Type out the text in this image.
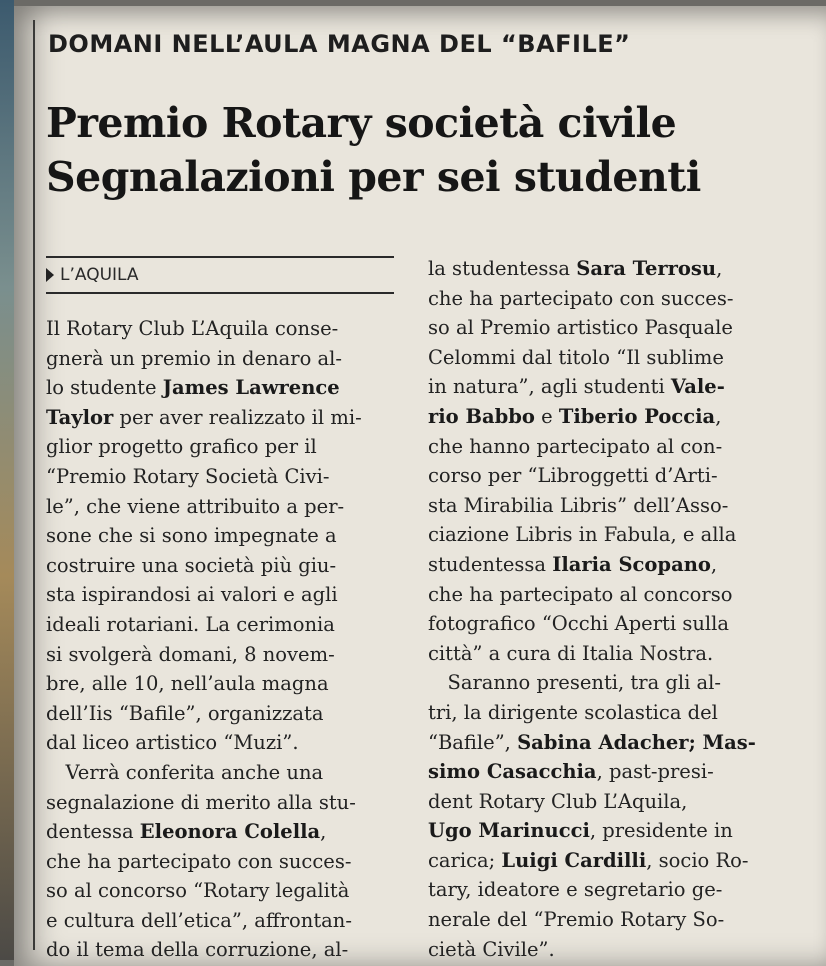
DOMANI NELL’AULA MAGNA DEL “BAFILE”
Premio Rotary società civile
Segnalazioni per sei studenti
L’AQUILA
Il Rotary Club L’Aquila conse-
gnerà un premio in denaro al-
lo studente James Lawrence
Taylor per aver realizzato il mi-
glior progetto grafico per il
“Premio Rotary Società Civi-
le”, che viene attribuito a per-
sone che si sono impegnate a
costruire una società più giu-
sta ispirandosi ai valori e agli
ideali rotariani. La cerimonia
si svolgerà domani, 8 novem-
bre, alle 10, nell’aula magna
dell’Iis “Bafile”, organizzata
dal liceo artistico “Muzi”.
 Verrà conferita anche una
segnalazione di merito alla stu-
dentessa Eleonora Colella,
che ha partecipato con succes-
so al concorso “Rotary legalità
e cultura dell’etica”, affrontan-
do il tema della corruzione, al-
la studentessa Sara Terrosu,
che ha partecipato con succes-
so al Premio artistico Pasquale
Celommi dal titolo “Il sublime
in natura”, agli studenti Vale-
rio Babbo e Tiberio Poccia,
che hanno partecipato al con-
corso per “Libroggetti d’Arti-
sta Mirabilia Libris” dell’Asso-
ciazione Libris in Fabula, e alla
studentessa Ilaria Scopano,
che ha partecipato al concorso
fotografico “Occhi Aperti sulla
città” a cura di Italia Nostra.
 Saranno presenti, tra gli al-
tri, la dirigente scolastica del
“Bafile”, Sabina Adacher; Mas-
simo Casacchia, past-presi-
dent Rotary Club L’Aquila,
Ugo Marinucci, presidente in
carica; Luigi Cardilli, socio Ro-
tary, ideatore e segretario ge-
nerale del “Premio Rotary So-
cietà Civile”.
